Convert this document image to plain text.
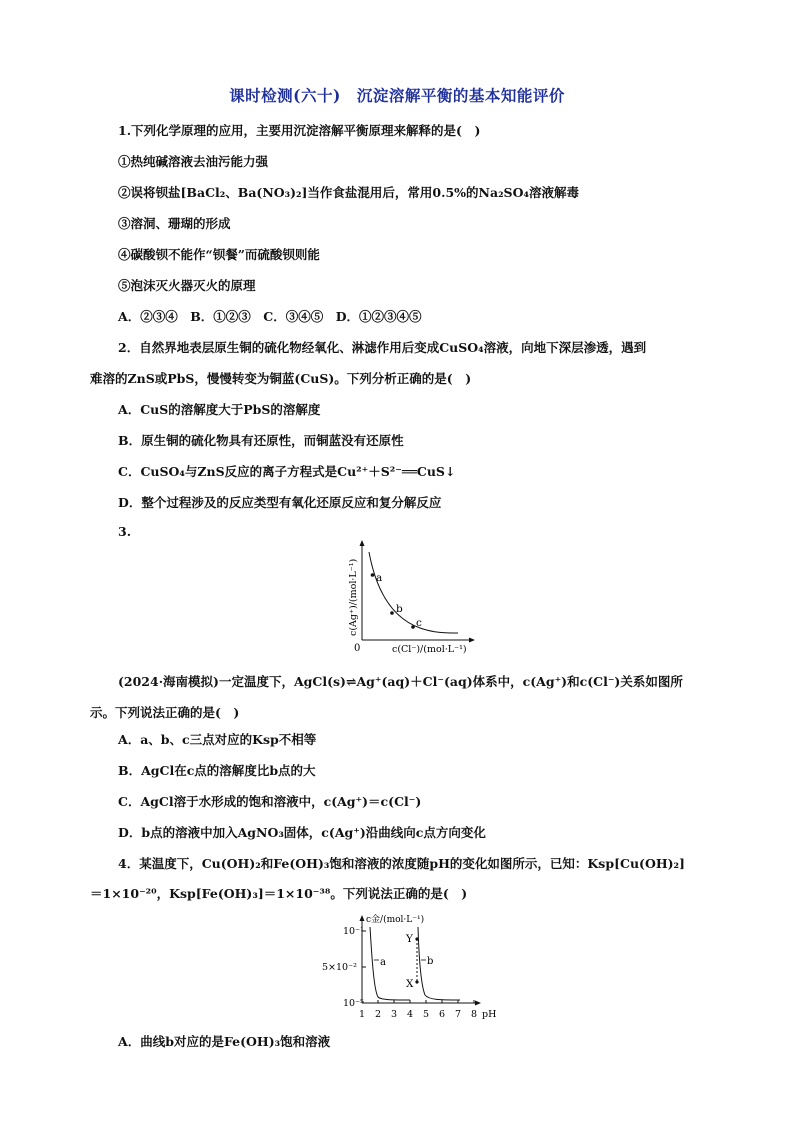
课时检测(六十)　沉淀溶解平衡的基本知能评价
1.下列化学原理的应用，主要用沉淀溶解平衡原理来解释的是(　)
①热纯碱溶液去油污能力强
②误将钡盐[BaCl₂、Ba(NO₃)₂]当作食盐混用后，常用0.5%的Na₂SO₄溶液解毒
③溶洞、珊瑚的形成
④碳酸钡不能作“钡餐”而硫酸钡则能
⑤泡沫灭火器灭火的原理
A．②③④　B．①②③　C．③④⑤　D．①②③④⑤
2．自然界地表层原生铜的硫化物经氧化、淋滤作用后变成CuSO₄溶液，向地下深层渗透，遇到
难溶的ZnS或PbS，慢慢转变为铜蓝(CuS)。下列分析正确的是(　)
A．CuS的溶解度大于PbS的溶解度
B．原生铜的硫化物具有还原性，而铜蓝没有还原性
C．CuSO₄与ZnS反应的离子方程式是Cu²⁺＋S²⁻══CuS↓
D．整个过程涉及的反应类型有氧化还原反应和复分解反应
3.
a
b
c
0	c(Cl⁻)/(mol·L⁻¹)
c(Ag⁺)/(mol·L⁻¹)
(2024·海南模拟)一定温度下，AgCl(s)⇌Ag⁺(aq)＋Cl⁻(aq)体系中，c(Ag⁺)和c(Cl⁻)关系如图所
示。下列说法正确的是(　)
A．a、b、c三点对应的Ksp不相等
B．AgCl在c点的溶解度比b点的大
C．AgCl溶于水形成的饱和溶液中，c(Ag⁺)＝c(Cl⁻)
D．b点的溶液中加入AgNO₃固体，c(Ag⁺)沿曲线向c点方向变化
4．某温度下，Cu(OH)₂和Fe(OH)₃饱和溶液的浓度随pH的变化如图所示，已知：Ksp[Cu(OH)₂]
＝1×10⁻²⁰，Ksp[Fe(OH)₃]＝1×10⁻³⁸。下列说法正确的是(　)
10⁻¹
5×10⁻²
10⁻⁵
1 2 3 4 5 6 7 8 pH
c金/(mol·L⁻¹)
a	b
Y
X
A．曲线b对应的是Fe(OH)₃饱和溶液
